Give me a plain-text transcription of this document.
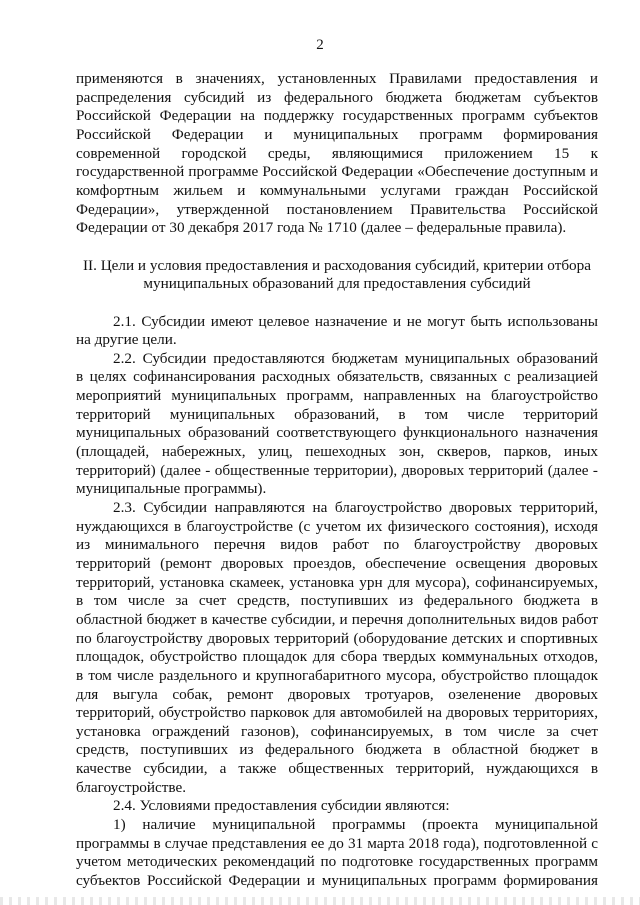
2
применяются в значениях, установленных Правилами предоставления и
распределения субсидий из федерального бюджета бюджетам субъектов
Российской Федерации на поддержку государственных программ субъектов
Российской Федерации и муниципальных программ формирования
современной городской среды, являющимися приложением 15 к
государственной программе Российской Федерации «Обеспечение доступным и
комфортным жильем и коммунальными услугами граждан Российской
Федерации», утвержденной постановлением Правительства Российской
Федерации от 30 декабря 2017 года № 1710 (далее – федеральные правила).
II. Цели и условия предоставления и расходования субсидий, критерии отбора
муниципальных образований для предоставления субсидий
2.1. Субсидии имеют целевое назначение и не могут быть использованы
на другие цели.
2.2. Субсидии предоставляются бюджетам муниципальных образований
в целях софинансирования расходных обязательств, связанных с реализацией
мероприятий муниципальных программ, направленных на благоустройство
территорий муниципальных образований, в том числе территорий
муниципальных образований соответствующего функционального назначения
(площадей, набережных, улиц, пешеходных зон, скверов, парков, иных
территорий) (далее - общественные территории), дворовых территорий (далее -
муниципальные программы).
2.3. Субсидии направляются на благоустройство дворовых территорий,
нуждающихся в благоустройстве (с учетом их физического состояния), исходя
из минимального перечня видов работ по благоустройству дворовых
территорий (ремонт дворовых проездов, обеспечение освещения дворовых
территорий, установка скамеек, установка урн для мусора), софинансируемых,
в том числе за счет средств, поступивших из федерального бюджета в
областной бюджет в качестве субсидии, и перечня дополнительных видов работ
по благоустройству дворовых территорий (оборудование детских и спортивных
площадок, обустройство площадок для сбора твердых коммунальных отходов,
в том числе раздельного и крупногабаритного мусора, обустройство площадок
для выгула собак, ремонт дворовых тротуаров, озеленение дворовых
территорий, обустройство парковок для автомобилей на дворовых территориях,
установка ограждений газонов), софинансируемых, в том числе за счет
средств, поступивших из федерального бюджета в областной бюджет в
качестве субсидии, а также общественных территорий, нуждающихся в
благоустройстве.
2.4. Условиями предоставления субсидии являются:
1) наличие муниципальной программы (проекта муниципальной
программы в случае представления ее до 31 марта 2018 года), подготовленной с
учетом методических рекомендаций по подготовке государственных программ
субъектов Российской Федерации и муниципальных программ формирования
